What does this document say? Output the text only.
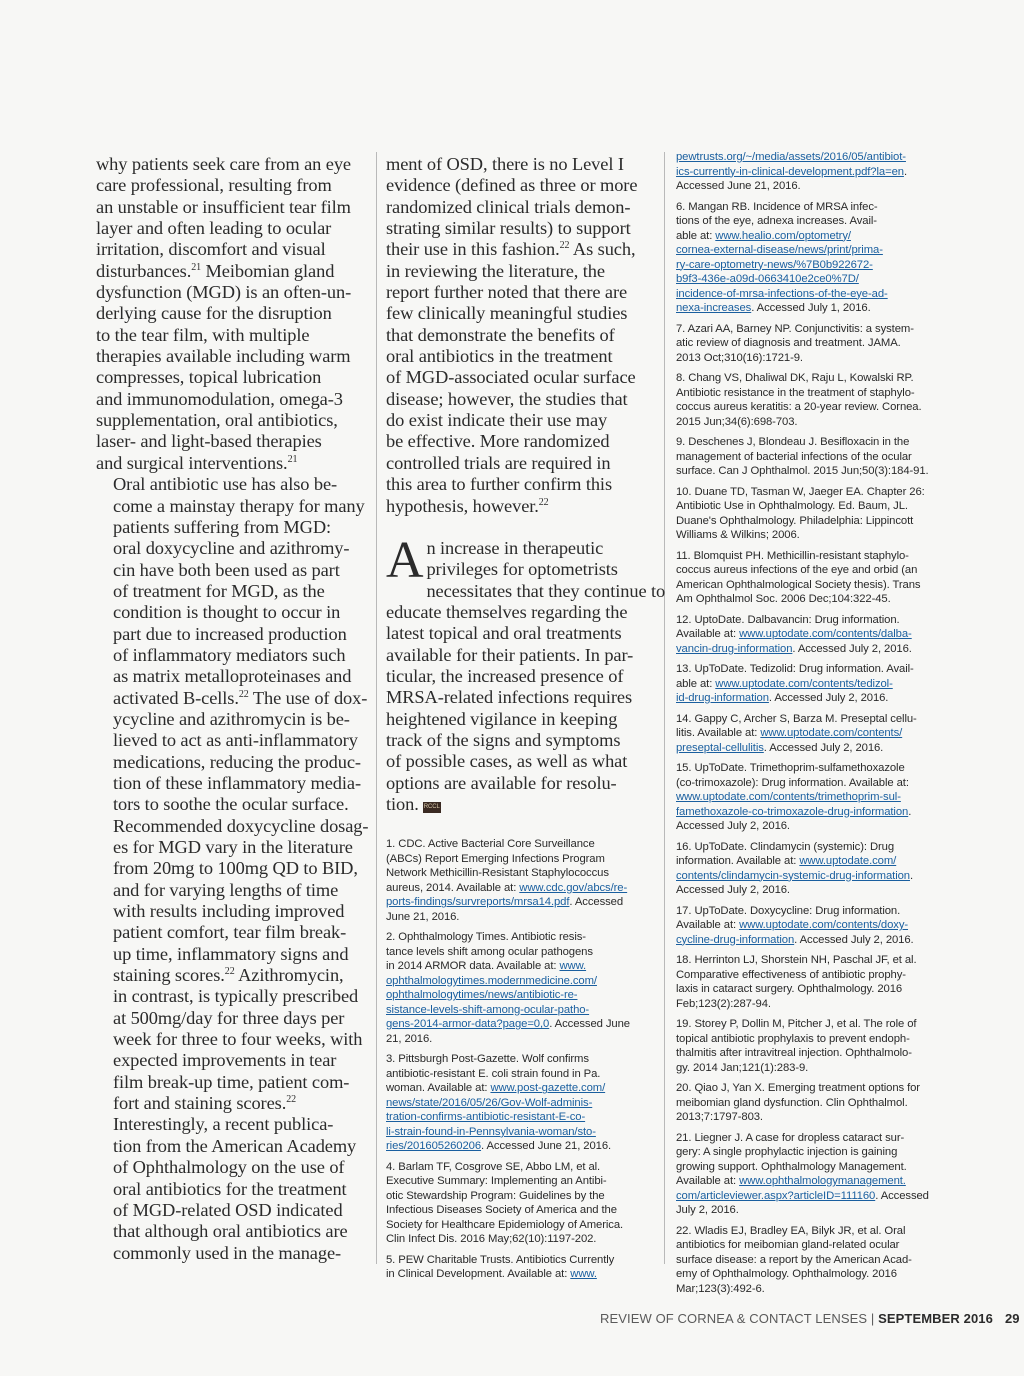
why patients seek care from an eye
care professional, resulting from
an unstable or insufficient tear film
layer and often leading to ocular
irritation, discomfort and visual
disturbances.$^{21}$ Meibomian gland
dysfunction (MGD) is an often-un-
derlying cause for the disruption
to the tear film, with multiple
therapies available including warm
compresses, topical lubrication
and immunomodulation, omega-3
supplementation, oral antibiotics,
laser- and light-based therapies
and surgical interventions.$^{21}$

Oral antibiotic use has also be-
come a mainstay therapy for many
patients suffering from MGD:
oral doxycycline and azithromy-
cin have both been used as part
of treatment for MGD, as the
condition is thought to occur in
part due to increased production
of inflammatory mediators such
as matrix metalloproteinases and
activated B-cells.$^{22}$ The use of dox-
ycycline and azithromycin is be-
lieved to act as anti-inflammatory
medications, reducing the produc-
tion of these inflammatory media-
tors to soothe the ocular surface.
Recommended doxycycline dosag-
es for MGD vary in the literature
from 20mg to 100mg QD to BID,
and for varying lengths of time
with results including improved
patient comfort, tear film break-
up time, inflammatory signs and
staining scores.$^{22}$ Azithromycin,
in contrast, is typically prescribed
at 500mg/day for three days per
week for three to four weeks, with
expected improvements in tear
film break-up time, patient com-
fort and staining scores.$^{22}$

Interestingly, a recent publica-
tion from the American Academy
of Ophthalmology on the use of
oral antibiotics for the treatment
of MGD-related OSD indicated
that although oral antibiotics are
commonly used in the manage-

ment of OSD, there is no Level I
evidence (defined as three or more
randomized clinical trials demon-
strating similar results) to support
their use in this fashion.$^{22}$ As such,
in reviewing the literature, the
report further noted that there are
few clinically meaningful studies
that demonstrate the benefits of
oral antibiotics in the treatment
of MGD-associated ocular surface
disease; however, the studies that
do exist indicate their use may
be effective. More randomized
controlled trials are required in
this area to further confirm this
hypothesis, however.$^{22}$

A n increase in therapeutic
privileges for optometrists
necessitates that they continue to
educate themselves regarding the
latest topical and oral treatments
available for their patients. In par-
ticular, the increased presence of
MRSA-related infections requires
heightened vigilance in keeping
track of the signs and symptoms
of possible cases, as well as what
options are available for resolu-
tion. RCCL

1. CDC. Active Bacterial Core Surveillance
(ABCs) Report Emerging Infections Program
Network Methicillin-Resistant Staphylococcus
aureus, 2014. Available at: www.cdc.gov/abcs/re-
ports-findings/survreports/mrsa14.pdf. Accessed
June 21, 2016.
2. Ophthalmology Times. Antibiotic resis-
tance levels shift among ocular pathogens
in 2014 ARMOR data. Available at: www.
ophthalmologytimes.modernmedicine.com/
ophthalmologytimes/news/antibiotic-re-
sistance-levels-shift-among-ocular-patho-
gens-2014-armor-data?page=0,0. Accessed June
21, 2016.
3. Pittsburgh Post-Gazette. Wolf confirms
antibiotic-resistant E. coli strain found in Pa.
woman. Available at: www.post-gazette.com/
news/state/2016/05/26/Gov-Wolf-adminis-
tration-confirms-antibiotic-resistant-E-co-
li-strain-found-in-Pennsylvania-woman/sto-
ries/201605260206. Accessed June 21, 2016.
4. Barlam TF, Cosgrove SE, Abbo LM, et al.
Executive Summary: Implementing an Antibi-
otic Stewardship Program: Guidelines by the
Infectious Diseases Society of America and the
Society for Healthcare Epidemiology of America.
Clin Infect Dis. 2016 May;62(10):1197-202.
5. PEW Charitable Trusts. Antibiotics Currently
in Clinical Development. Available at: www.
pewtrusts.org/~/media/assets/2016/05/antibiot-
ics-currently-in-clinical-development.pdf?la=en.
Accessed June 21, 2016.
6. Mangan RB. Incidence of MRSA infec-
tions of the eye, adnexa increases. Avail-
able at: www.healio.com/optometry/
cornea-external-disease/news/print/prima-
ry-care-optometry-news/%7B0b922672-
b9f3-436e-a09d-0663410e2ce0%7D/
incidence-of-mrsa-infections-of-the-eye-ad-
nexa-increases. Accessed July 1, 2016.
7. Azari AA, Barney NP. Conjunctivitis: a system-
atic review of diagnosis and treatment. JAMA.
2013 Oct;310(16):1721-9.
8. Chang VS, Dhaliwal DK, Raju L, Kowalski RP.
Antibiotic resistance in the treatment of staphylo-
coccus aureus keratitis: a 20-year review. Cornea.
2015 Jun;34(6):698-703.
9. Deschenes J, Blondeau J. Besifloxacin in the
management of bacterial infections of the ocular
surface. Can J Ophthalmol. 2015 Jun;50(3):184-91.
10. Duane TD, Tasman W, Jaeger EA. Chapter 26:
Antibiotic Use in Ophthalmology. Ed. Baum, JL.
Duane's Ophthalmology. Philadelphia: Lippincott
Williams & Wilkins; 2006.
11. Blomquist PH. Methicillin-resistant staphylo-
coccus aureus infections of the eye and orbid (an
American Ophthalmological Society thesis). Trans
Am Ophthalmol Soc. 2006 Dec;104:322-45.
12. UptoDate. Dalbavancin: Drug information.
Available at: www.uptodate.com/contents/dalba-
vancin-drug-information. Accessed July 2, 2016.
13. UpToDate. Tedizolid: Drug information. Avail-
able at: www.uptodate.com/contents/tedizol-
id-drug-information. Accessed July 2, 2016.
14. Gappy C, Archer S, Barza M. Preseptal cellu-
litis. Available at: www.uptodate.com/contents/
preseptal-cellulitis. Accessed July 2, 2016.
15. UpToDate. Trimethoprim-sulfamethoxazole
(co-trimoxazole): Drug information. Available at:
www.uptodate.com/contents/trimethoprim-sul-
famethoxazole-co-trimoxazole-drug-information.
Accessed July 2, 2016.
16. UpToDate. Clindamycin (systemic): Drug
information. Available at: www.uptodate.com/
contents/clindamycin-systemic-drug-information.
Accessed July 2, 2016.
17. UpToDate. Doxycycline: Drug information.
Available at: www.uptodate.com/contents/doxy-
cycline-drug-information. Accessed July 2, 2016.
18. Herrinton LJ, Shorstein NH, Paschal JF, et al.
Comparative effectiveness of antibiotic prophy-
laxis in cataract surgery. Ophthalmology. 2016
Feb;123(2):287-94.
19. Storey P, Dollin M, Pitcher J, et al. The role of
topical antibiotic prophylaxis to prevent endoph-
thalmitis after intravitreal injection. Ophthalmolo-
gy. 2014 Jan;121(1):283-9.
20. Qiao J, Yan X. Emerging treatment options for
meibomian gland dysfunction. Clin Ophthalmol.
2013;7:1797-803.
21. Liegner J. A case for dropless cataract sur-
gery: A single prophylactic injection is gaining
growing support. Ophthalmology Management.
Available at: www.ophthalmologymanagement.
com/articleviewer.aspx?articleID=111160. Accessed
July 2, 2016.
22. Wladis EJ, Bradley EA, Bilyk JR, et al. Oral
antibiotics for meibomian gland-related ocular
surface disease: a report by the American Acad-
emy of Ophthalmology. Ophthalmology. 2016
Mar;123(3):492-6.
REVIEW OF CORNEA & CONTACT LENSES | SEPTEMBER 2016 29
